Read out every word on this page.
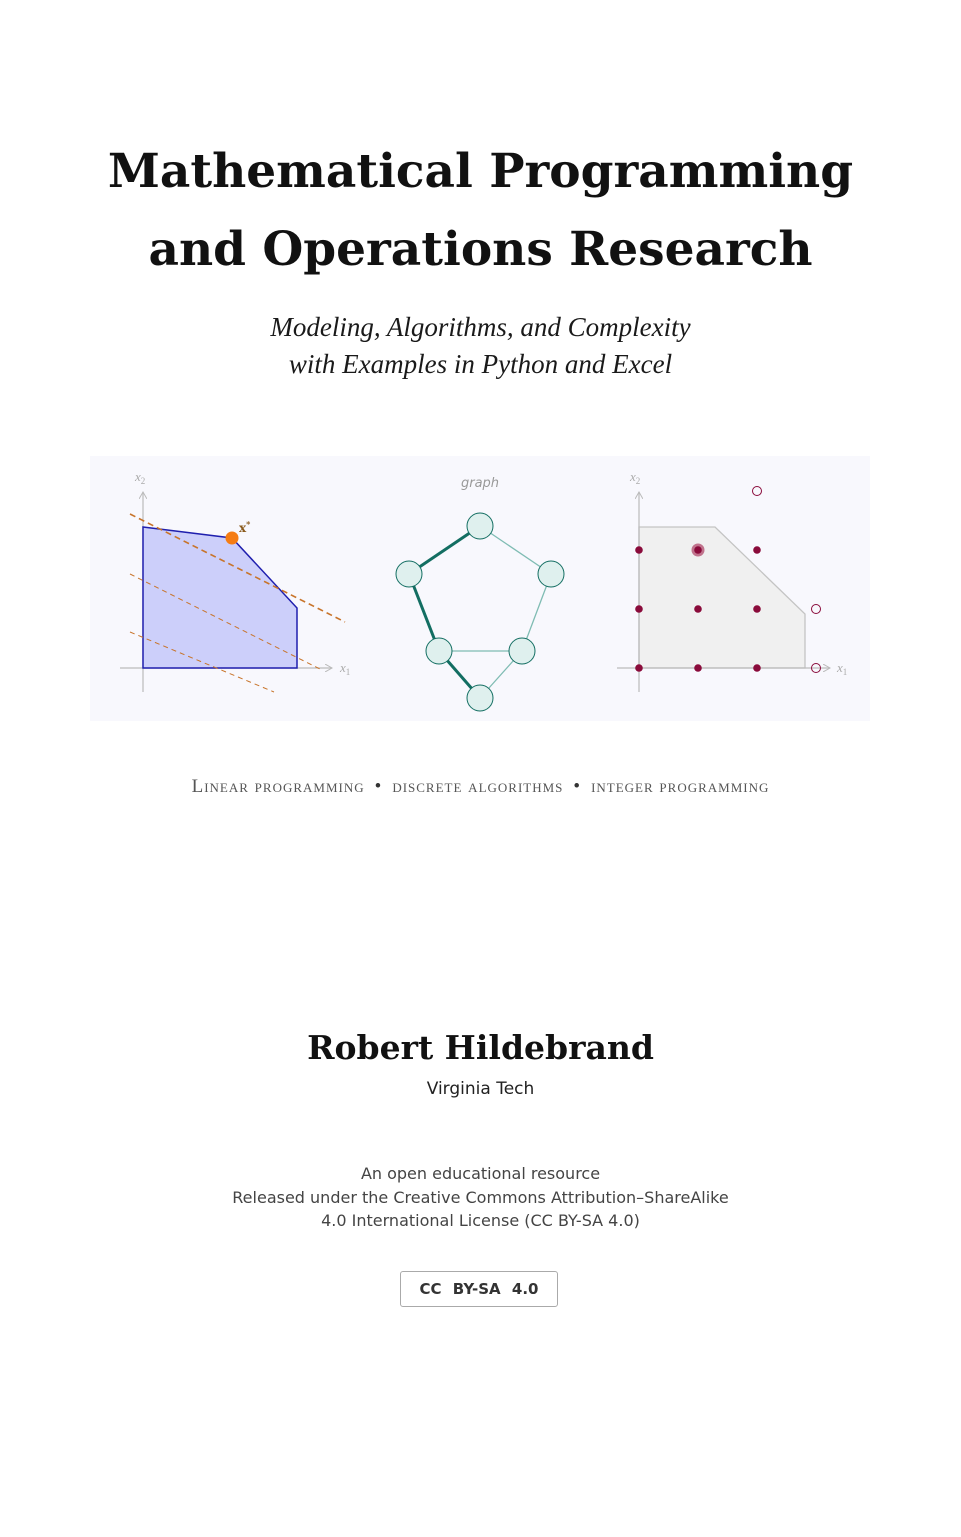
Mathematical Programming
and Operations Research
Modeling, Algorithms, and Complexity
with Examples in Python and Excel
x*
$x_1$
$x_2$	graph
$x_1$
$x_2$
Linear programming • discrete algorithms • integer programming
Robert Hildebrand
Virginia Tech
An open educational resource
Released under the Creative Commons Attribution–ShareAlike
4.0 International License (CC BY-SA 4.0)
CC BY-SA 4.0
